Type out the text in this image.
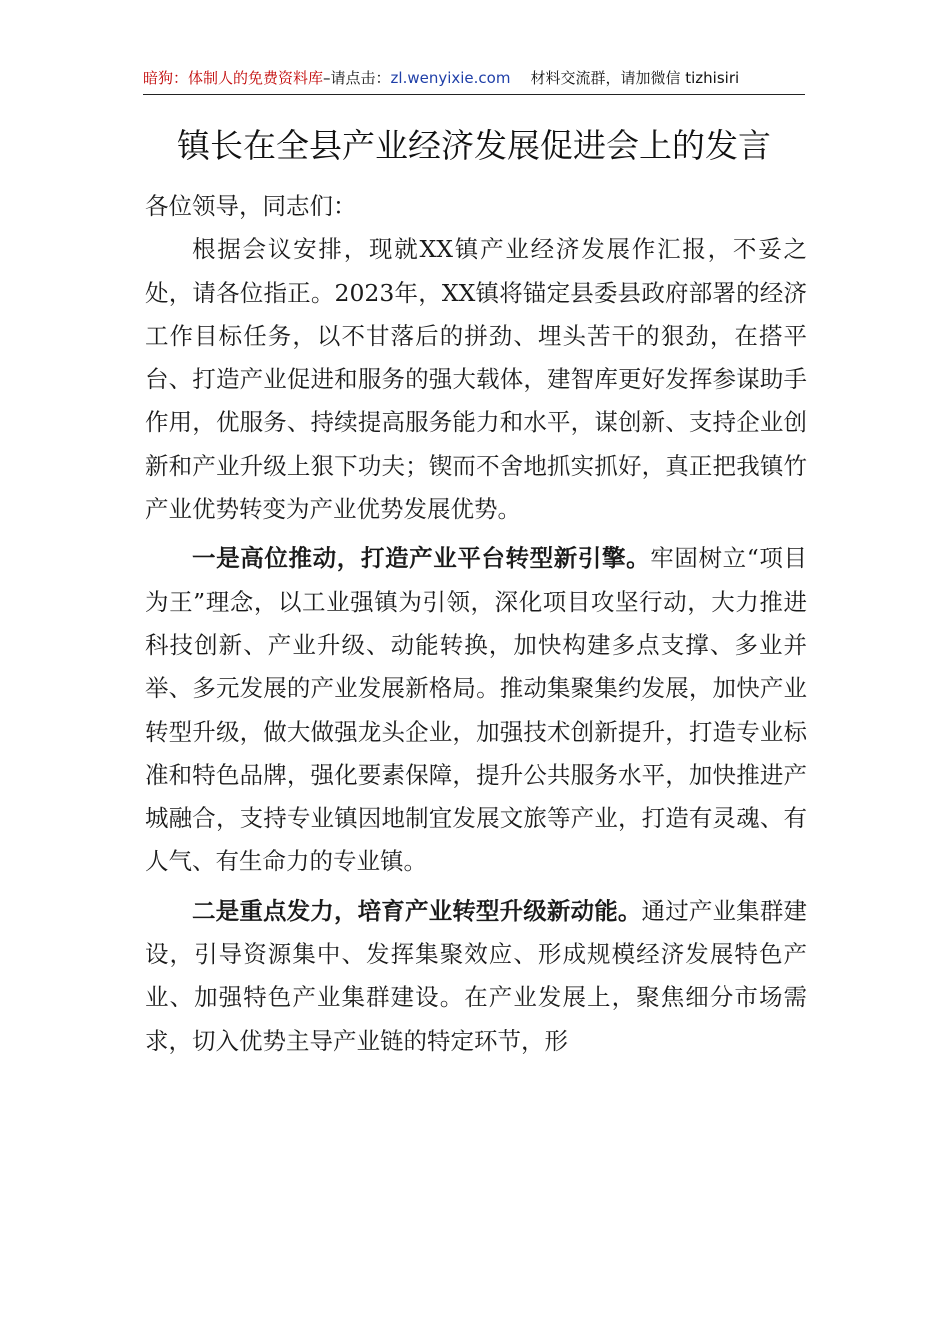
暗狗：体制人的免费资料库–请点击：zl.wenyixie.com 材料交流群，请加微信 tizhisiri
镇长在全县产业经济发展促进会上的发言

各位领导，同志们：

根据会议安排，现就XX镇产业经济发展作汇报，不妥之处，请各位指正。2023年，XX镇将锚定县委县政府部署的经济工作目标任务，以不甘落后的拼劲、埋头苦干的狠劲，在搭平台、打造产业促进和服务的强大载体，建智库更好发挥参谋助手作用，优服务、持续提高服务能力和水平，谋创新、支持企业创新和产业升级上狠下功夫；锲而不舍地抓实抓好，真正把我镇竹产业优势转变为产业优势发展优势。

一是高位推动，打造产业平台转型新引擎。牢固树立“项目为王”理念，以工业强镇为引领，深化项目攻坚行动，大力推进科技创新、产业升级、动能转换，加快构建多点支撑、多业并举、多元发展的产业发展新格局。推动集聚集约发展，加快产业转型升级，做大做强龙头企业，加强技术创新提升，打造专业标准和特色品牌，强化要素保障，提升公共服务水平，加快推进产城融合，支持专业镇因地制宜发展文旅等产业，打造有灵魂、有人气、有生命力的专业镇。

二是重点发力，培育产业转型升级新动能。通过产业集群建设，引导资源集中、发挥集聚效应、形成规模经济发展特色产业、加强特色产业集群建设。在产业发展上，聚焦细分市场需求，切入优势主导产业链的特定环节，形
